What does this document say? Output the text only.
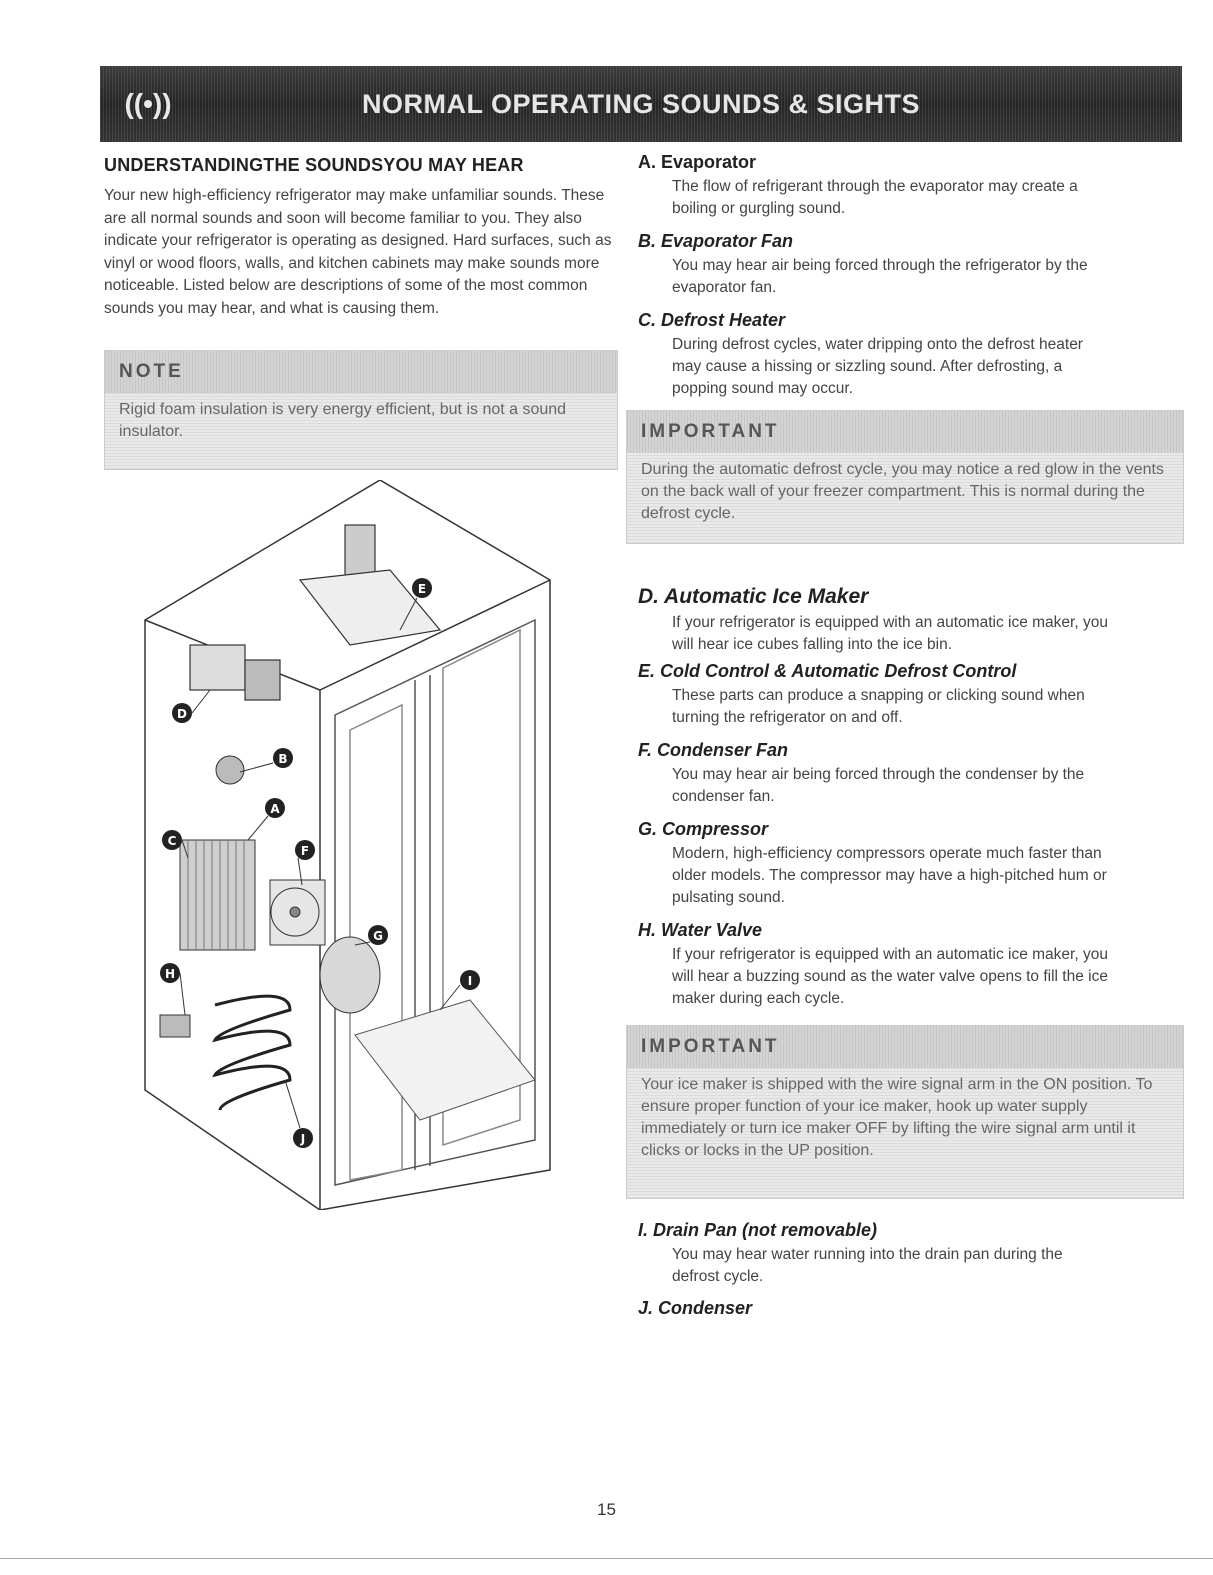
((•))	NORMAL OPERATING SOUNDS & SIGHTS
UNDERSTANDINGTHE SOUNDSYOU MAY HEAR
Your new high-efficiency refrigerator may make unfamiliar sounds. These are all normal sounds and soon will become familiar to you. They also indicate your refrigerator is operating as designed. Hard surfaces, such as vinyl or wood floors, walls, and kitchen cabinets may make sounds more noticeable. Listed below are descriptions of some of the most common sounds you may hear, and what is causing them.
NOTE
Rigid foam insulation is very energy efficient, but is not a sound insulator.
E
D
B
A
C
F
G
H	I
J
A. Evaporator
The flow of refrigerant through the evaporator may create a boiling or gurgling sound.
B. Evaporator Fan
You may hear air being forced through the refrigerator by the evaporator fan.
C. Defrost Heater
During defrost cycles, water dripping onto the defrost heater may cause a hissing or sizzling sound. After defrosting, a popping sound may occur.
IMPORTANT
During the automatic defrost cycle, you may notice a red glow in the vents on the back wall of your freezer compartment. This is normal during the defrost cycle.
D. Automatic Ice Maker
If your refrigerator is equipped with an automatic ice maker, you will hear ice cubes falling into the ice bin.
E. Cold Control & Automatic Defrost Control
These parts can produce a snapping or clicking sound when turning the refrigerator on and off.
F. Condenser Fan
You may hear air being forced through the condenser by the condenser fan.
G. Compressor
Modern, high-efficiency compressors operate much faster than older models. The compressor may have a high-pitched hum or pulsating sound.
H. Water Valve
If your refrigerator is equipped with an automatic ice maker, you will hear a buzzing sound as the water valve opens to fill the ice maker during each cycle.
IMPORTANT
Your ice maker is shipped with the wire signal arm in the ON position. To ensure proper function of your ice maker, hook up water supply immediately or turn ice maker OFF by lifting the wire signal arm until it clicks or locks in the UP position.
I. Drain Pan (not removable)
You may hear water running into the drain pan during the defrost cycle.
J. Condenser
15
